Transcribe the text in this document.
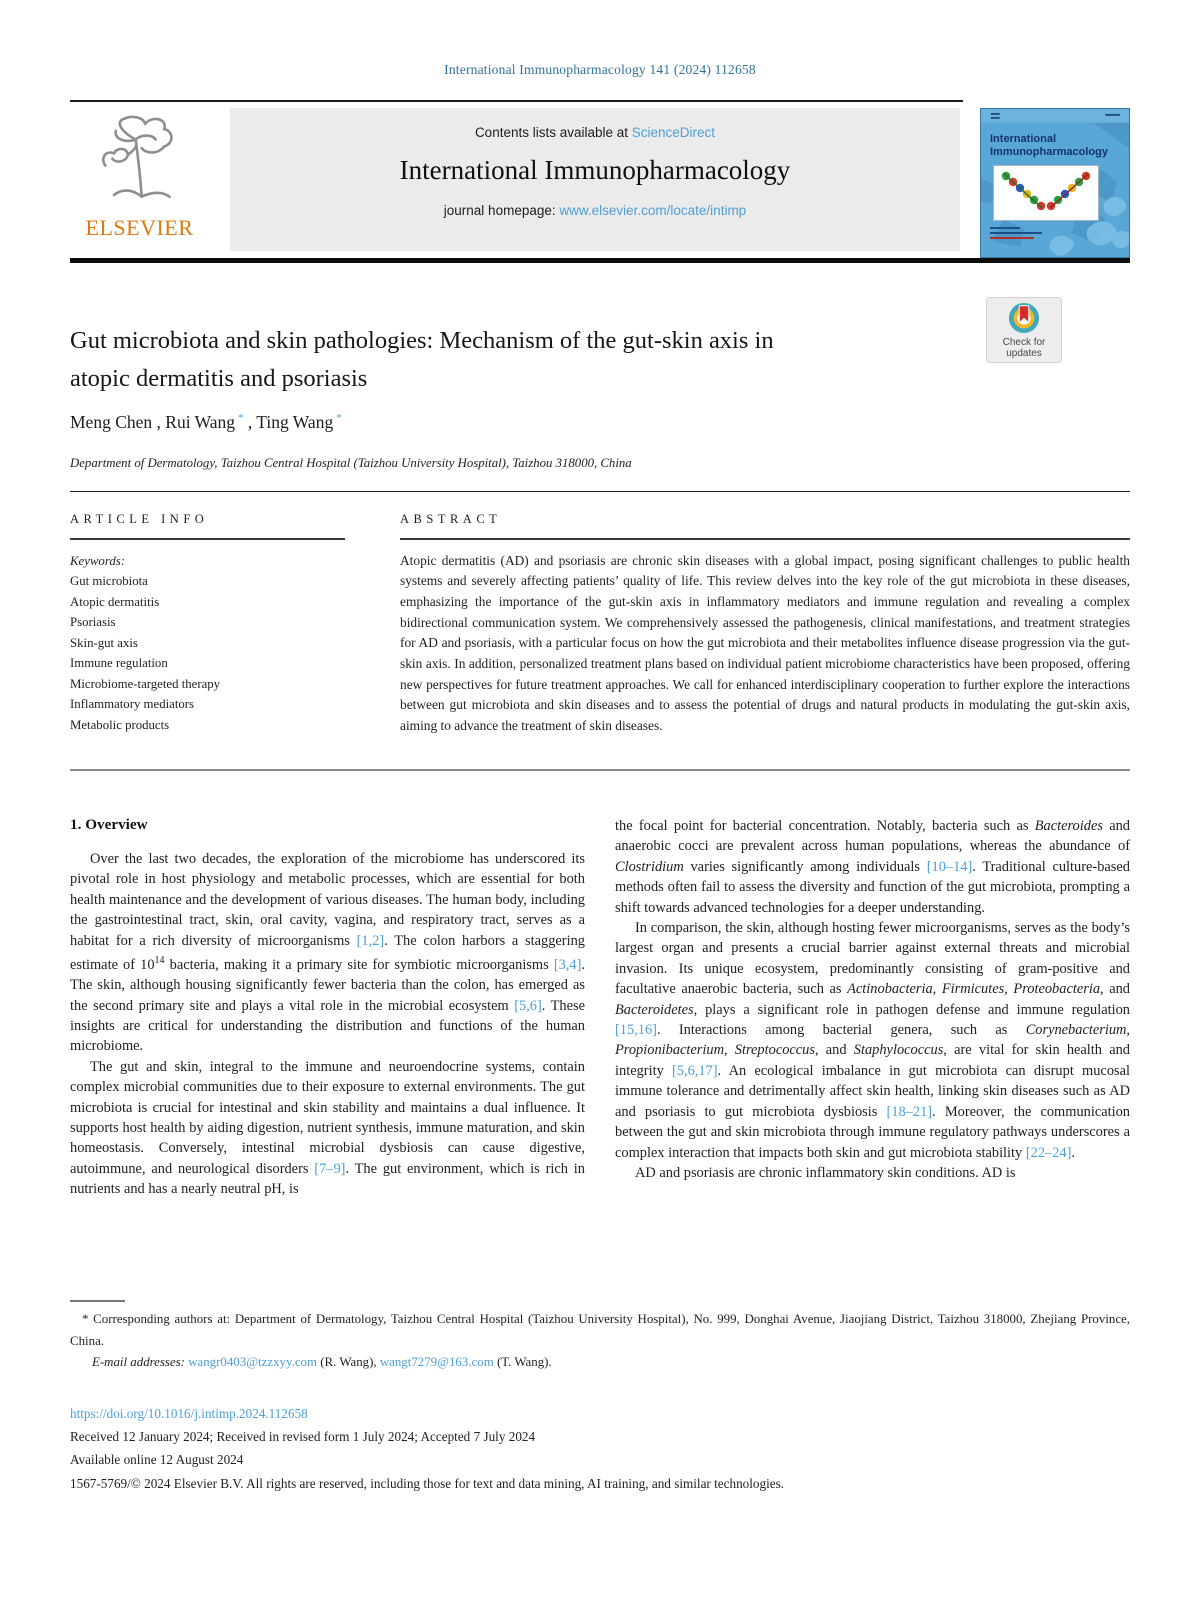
International Immunopharmacology 141 (2024) 112658
ELSEVIER
Contents lists available at ScienceDirect
International Immunopharmacology
journal homepage: www.elsevier.com/locate/intimp
International
Immunopharmacology
Check for
updates
Gut microbiota and skin pathologies: Mechanism of the gut-skin axis in
atopic dermatitis and psoriasis
Meng Chen , Rui Wang * , Ting Wang *
Department of Dermatology, Taizhou Central Hospital (Taizhou University Hospital), Taizhou 318000, China
ARTICLE INFO
Keywords:
Gut microbiota
Atopic dermatitis
Psoriasis
Skin-gut axis
Immune regulation
Microbiome-targeted therapy
Inflammatory mediators
Metabolic products
ABSTRACT

Atopic dermatitis (AD) and psoriasis are chronic skin diseases with a global impact, posing significant challenges to public health systems and severely affecting patients’ quality of life. This review delves into the key role of the gut microbiota in these diseases, emphasizing the importance of the gut-skin axis in inflammatory mediators and immune regulation and revealing a complex bidirectional communication system. We comprehensively assessed the pathogenesis, clinical manifestations, and treatment strategies for AD and psoriasis, with a particular focus on how the gut microbiota and their metabolites influence disease progression via the gut-skin axis. In addition, personalized treatment plans based on individual patient microbiome characteristics have been proposed, offering new perspectives for future treatment approaches. We call for enhanced interdisciplinary cooperation to further explore the interactions between gut microbiota and skin diseases and to assess the potential of drugs and natural products in modulating the gut-skin axis, aiming to advance the treatment of skin diseases.

1. Overview

Over the last two decades, the exploration of the microbiome has underscored its pivotal role in host physiology and metabolic processes, which are essential for both health maintenance and the development of various diseases. The human body, including the gastrointestinal tract, skin, oral cavity, vagina, and respiratory tract, serves as a habitat for a rich diversity of microorganisms [1,2]. The colon harbors a staggering estimate of $10^{14}$ bacteria, making it a primary site for symbiotic microorganisms [3,4]. The skin, although housing significantly fewer bacteria than the colon, has emerged as the second primary site and plays a vital role in the microbial ecosystem [5,6]. These insights are critical for understanding the distribution and functions of the human microbiome.

The gut and skin, integral to the immune and neuroendocrine systems, contain complex microbial communities due to their exposure to external environments. The gut microbiota is crucial for intestinal and skin stability and maintains a dual influence. It supports host health by aiding digestion, nutrient synthesis, immune maturation, and skin homeostasis. Conversely, intestinal microbial dysbiosis can cause digestive, autoimmune, and neurological disorders [7–9]. The gut environment, which is rich in nutrients and has a nearly neutral pH, is

the focal point for bacterial concentration. Notably, bacteria such as Bacteroides and anaerobic cocci are prevalent across human populations, whereas the abundance of Clostridium varies significantly among individuals [10–14]. Traditional culture-based methods often fail to assess the diversity and function of the gut microbiota, prompting a shift towards advanced technologies for a deeper understanding.

In comparison, the skin, although hosting fewer microorganisms, serves as the body’s largest organ and presents a crucial barrier against external threats and microbial invasion. Its unique ecosystem, predominantly consisting of gram-positive and facultative anaerobic bacteria, such as Actinobacteria, Firmicutes, Proteobacteria, and Bacteroidetes, plays a significant role in pathogen defense and immune regulation [15,16]. Interactions among bacterial genera, such as Corynebacterium, Propionibacterium, Streptococcus, and Staphylococcus, are vital for skin health and integrity [5,6,17]. An ecological imbalance in gut microbiota can disrupt mucosal immune tolerance and detrimentally affect skin health, linking skin diseases such as AD and psoriasis to gut microbiota dysbiosis [18–21]. Moreover, the communication between the gut and skin microbiota through immune regulatory pathways underscores a complex interaction that impacts both skin and gut microbiota stability [22–24].

AD and psoriasis are chronic inflammatory skin conditions. AD is

* Corresponding authors at: Department of Dermatology, Taizhou Central Hospital (Taizhou University Hospital), No. 999, Donghai Avenue, Jiaojiang District, Taizhou 318000, Zhejiang Province, China.

E-mail addresses: wangr0403@tzzxyy.com (R. Wang), wangt7279@163.com (T. Wang).

https://doi.org/10.1016/j.intimp.2024.112658
Received 12 January 2024; Received in revised form 1 July 2024; Accepted 7 July 2024
Available online 12 August 2024
1567-5769/© 2024 Elsevier B.V. All rights are reserved, including those for text and data mining, AI training, and similar technologies.
